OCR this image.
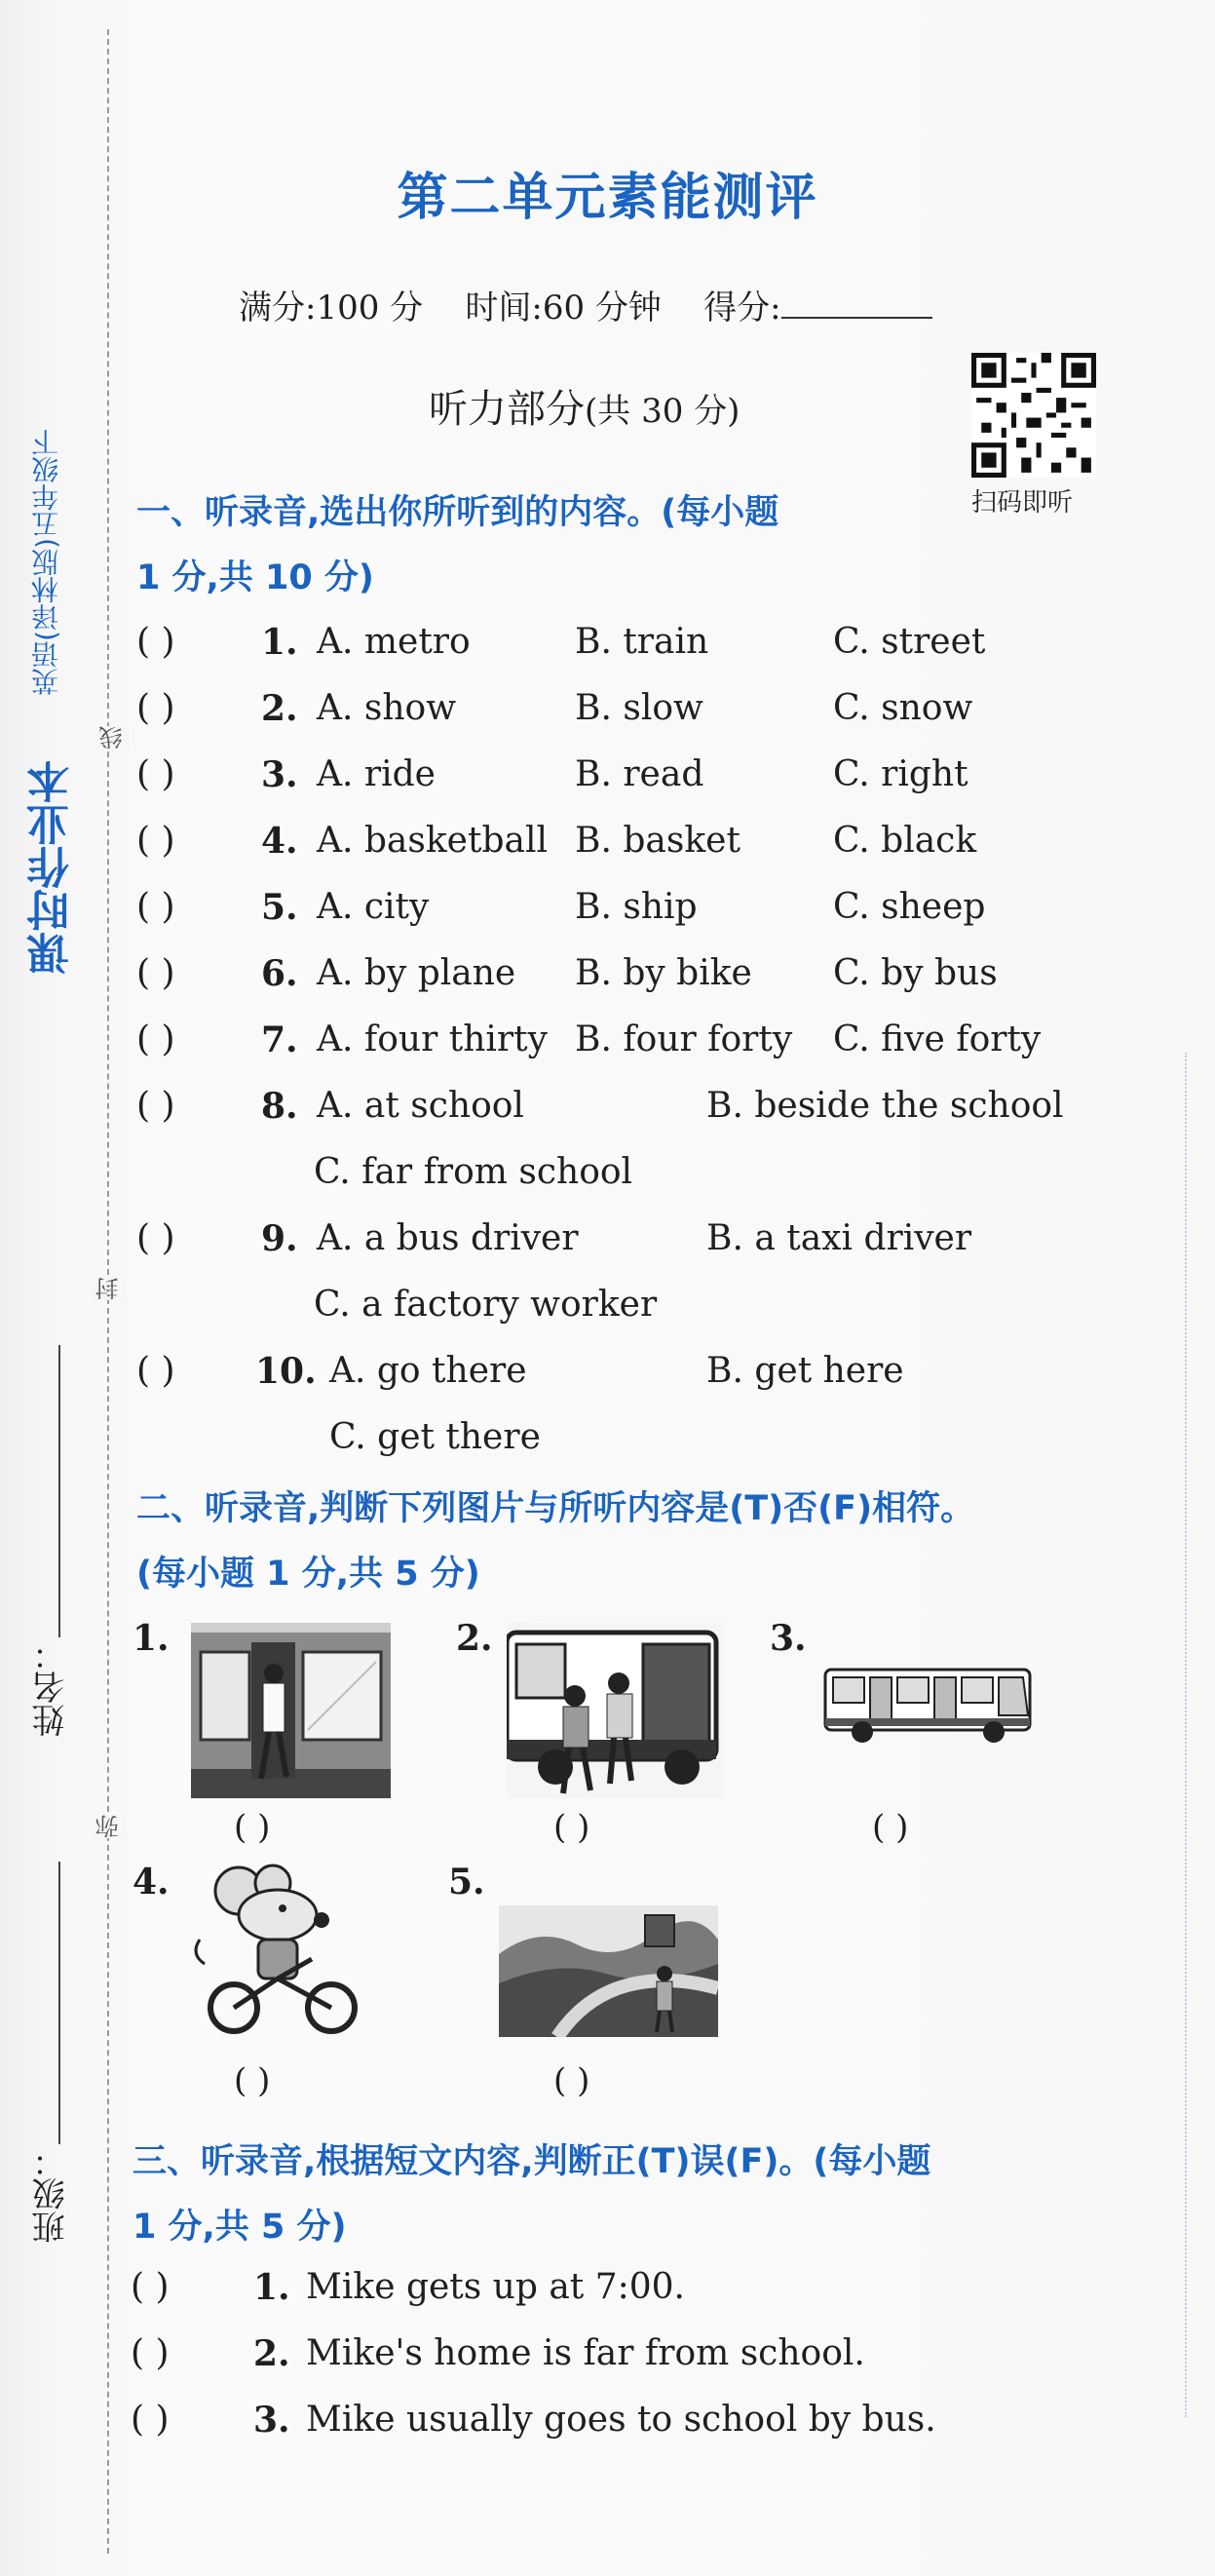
课时作业本
英语(译林版)五年级下
线
封
弥
姓名：
班级：
第二单元素能测评
满分:100 分 时间:60 分钟 得分:
听力部分(共 30 分)
扫码即听
一、听录音,选出你所听到的内容。(每小题
1 分,共 10 分)
( ) 1. A. metro	B. train	C. street
( ) 2. A. show	B. slow	C. snow
( ) 3. A. ride	B. read	C. right
( ) 4. A. basketball B. basket	C. black
( ) 5. A. city	B. ship	C. sheep
( ) 6. A. by plane B. by bike C. by bus
( ) 7. A. four thirty B. four forty C. five forty
( ) 8. A. at school	B. beside the school
C. far from school
( ) 9. A. a bus driver	B. a taxi driver
C. a factory worker
( ) 10. A. go there	B. get here
C. get there
二、听录音,判断下列图片与所听内容是(T)否(F)相符。
(每小题 1 分,共 5 分)
1.
( )
2.
( )
3.
( )
4.
( )
5.
( )
三、听录音,根据短文内容,判断正(T)误(F)。(每小题
1 分,共 5 分)
( ) 1. Mike gets up at 7:00.
( ) 2. Mike's home is far from school.
( ) 3. Mike usually goes to school by bus.
